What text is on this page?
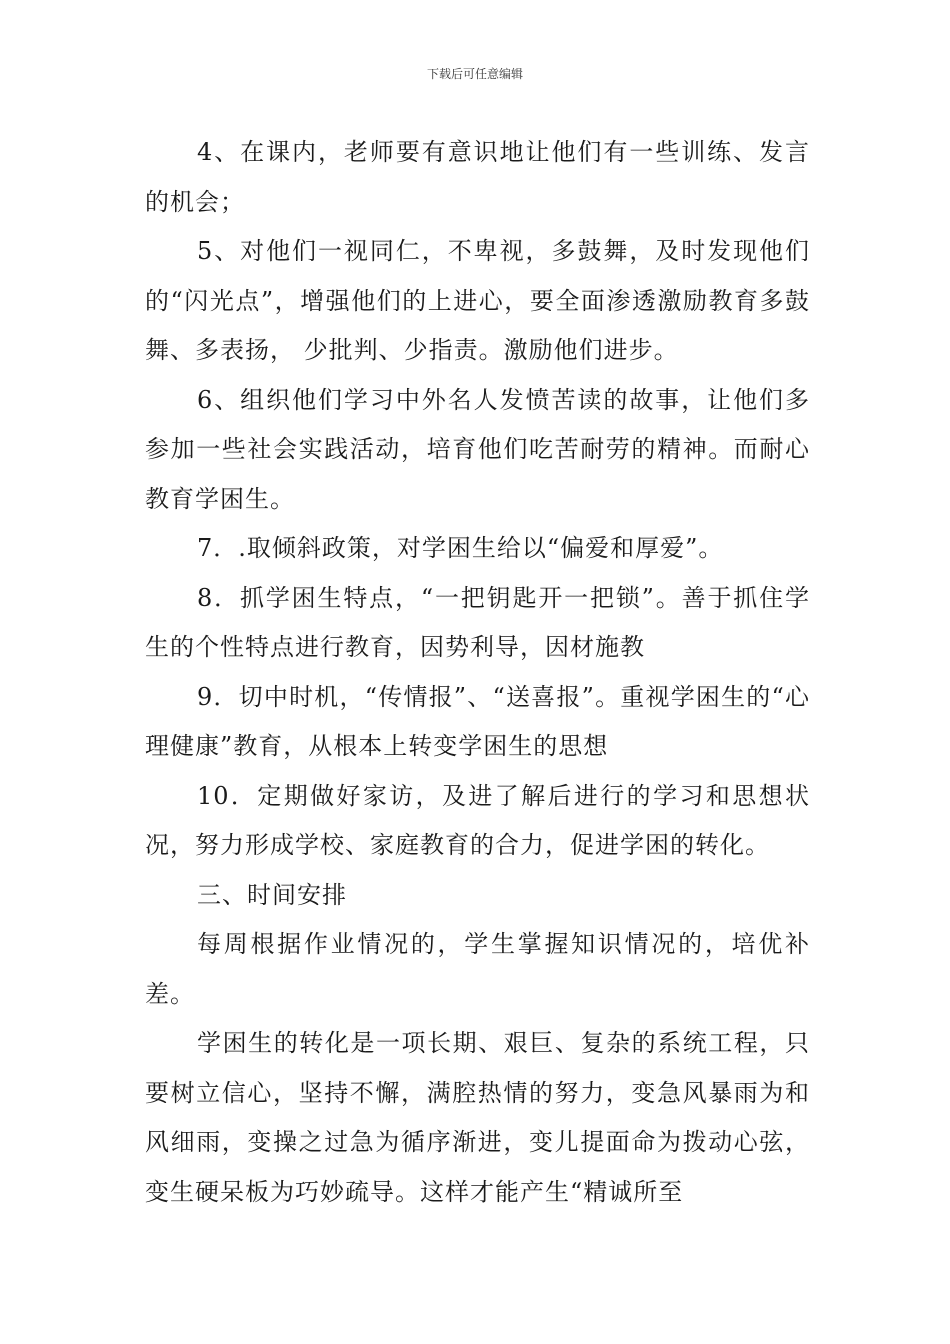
下载后可任意编辑

4、在课内，老师要有意识地让他们有一些训练、发言的机会；

5、对他们一视同仁，不卑视，多鼓舞，及时发现他们的“闪光点”，增强他们的上进心，要全面渗透激励教育多鼓舞、多表扬， 少批判、少指责。激励他们进步。

6、组织他们学习中外名人发愤苦读的故事，让他们多参加一些社会实践活动，培育他们吃苦耐劳的精神。而耐心教育学困生。

7．.取倾斜政策，对学困生给以“偏爱和厚爱”。

8．抓学困生特点，“一把钥匙开一把锁”。善于抓住学生的个性特点进行教育，因势利导，因材施教

9．切中时机，“传情报”、“送喜报”。重视学困生的“心理健康”教育，从根本上转变学困生的思想

10．定期做好家访，及进了解后进行的学习和思想状况，努力形成学校、家庭教育的合力，促进学困的转化。

三、时间安排

每周根据作业情况的，学生掌握知识情况的，培优补差。

学困生的转化是一项长期、艰巨、复杂的系统工程，只要树立信心，坚持不懈，满腔热情的努力，变急风暴雨为和风细雨，变操之过急为循序渐进，变儿提面命为拨动心弦，变生硬呆板为巧妙疏导。这样才能产生“精诚所至
